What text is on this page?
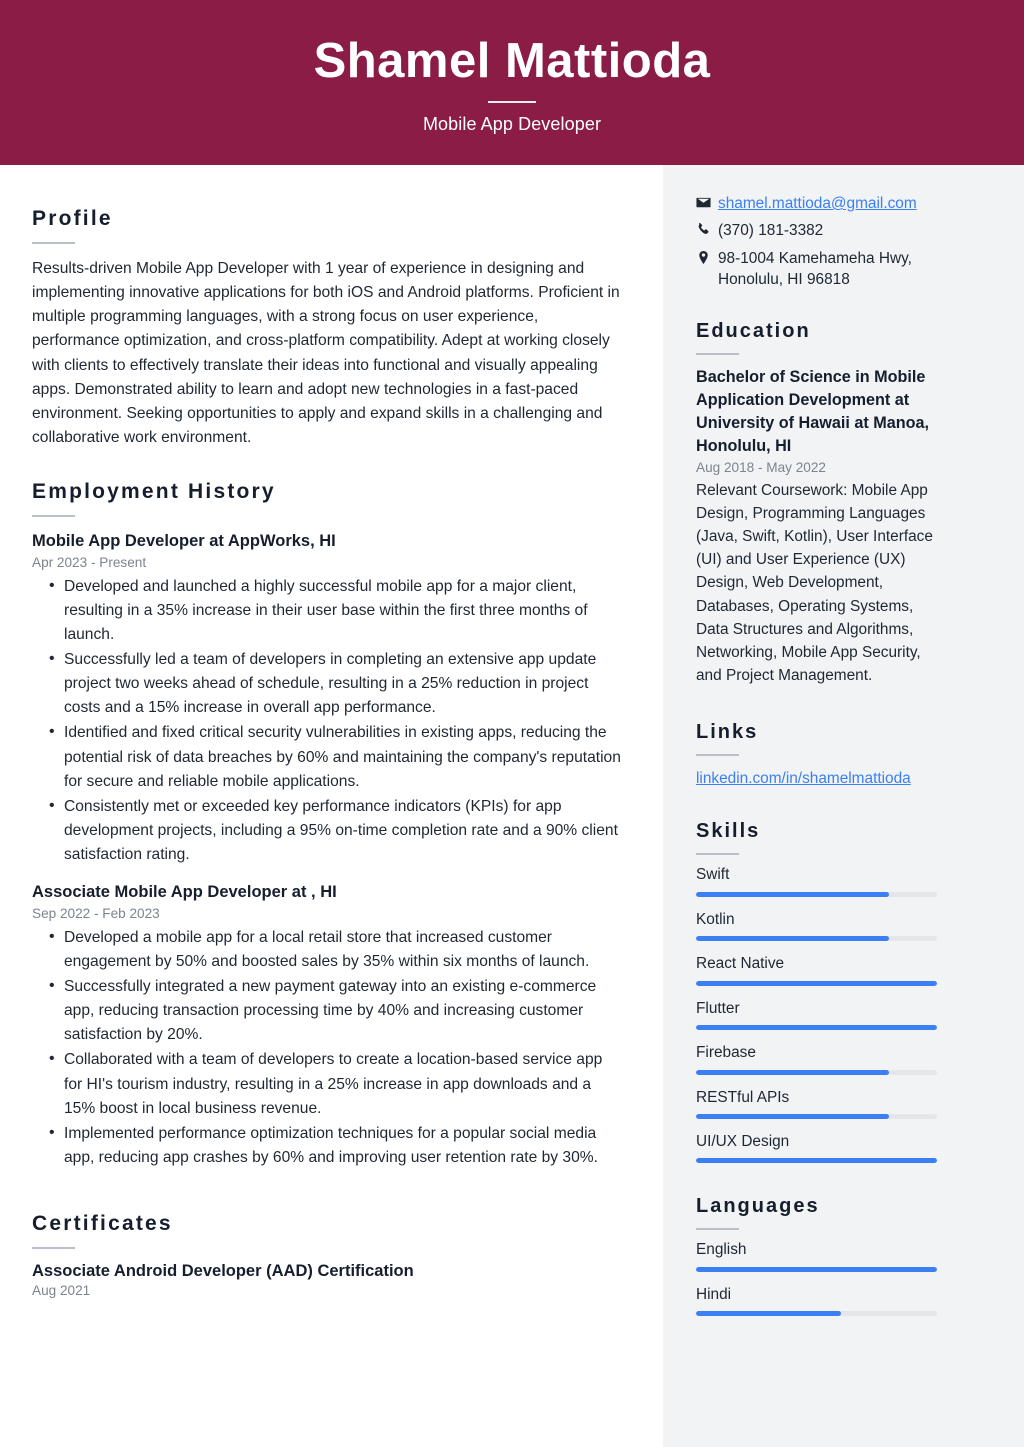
Shamel Mattioda
Mobile App Developer
Profile
Results-driven Mobile App Developer with 1 year of experience in designing and implementing innovative applications for both iOS and Android platforms. Proficient in multiple programming languages, with a strong focus on user experience, performance optimization, and cross-platform compatibility. Adept at working closely with clients to effectively translate their ideas into functional and visually appealing apps. Demonstrated ability to learn and adopt new technologies in a fast-paced environment. Seeking opportunities to apply and expand skills in a challenging and collaborative work environment.
Employment History
Mobile App Developer at AppWorks, HI
Apr 2023 - Present
• Developed and launched a highly successful mobile app for a major client, resulting in a 35% increase in their user base within the first three months of launch.
• Successfully led a team of developers in completing an extensive app update project two weeks ahead of schedule, resulting in a 25% reduction in project costs and a 15% increase in overall app performance.
• Identified and fixed critical security vulnerabilities in existing apps, reducing the potential risk of data breaches by 60% and maintaining the company's reputation for secure and reliable mobile applications.
• Consistently met or exceeded key performance indicators (KPIs) for app development projects, including a 95% on-time completion rate and a 90% client satisfaction rating.
Associate Mobile App Developer at , HI
Sep 2022 - Feb 2023
• Developed a mobile app for a local retail store that increased customer engagement by 50% and boosted sales by 35% within six months of launch.
• Successfully integrated a new payment gateway into an existing e-commerce app, reducing transaction processing time by 40% and increasing customer satisfaction by 20%.
• Collaborated with a team of developers to create a location-based service app for HI's tourism industry, resulting in a 25% increase in app downloads and a 15% boost in local business revenue.
• Implemented performance optimization techniques for a popular social media app, reducing app crashes by 60% and improving user retention rate by 30%.
Certificates
Associate Android Developer (AAD) Certification
Aug 2021
shamel.mattioda@gmail.com
(370) 181-3382
98-1004 Kamehameha Hwy, Honolulu, HI 96818
Education
Bachelor of Science in Mobile Application Development at University of Hawaii at Manoa, Honolulu, HI
Aug 2018 - May 2022
Relevant Coursework: Mobile App Design, Programming Languages (Java, Swift, Kotlin), User Interface (UI) and User Experience (UX) Design, Web Development, Databases, Operating Systems, Data Structures and Algorithms, Networking, Mobile App Security, and Project Management.
Links
linkedin.com/in/shamelmattioda
Skills
Swift
Kotlin
React Native
Flutter
Firebase
RESTful APIs
UI/UX Design
Languages
English
Hindi
